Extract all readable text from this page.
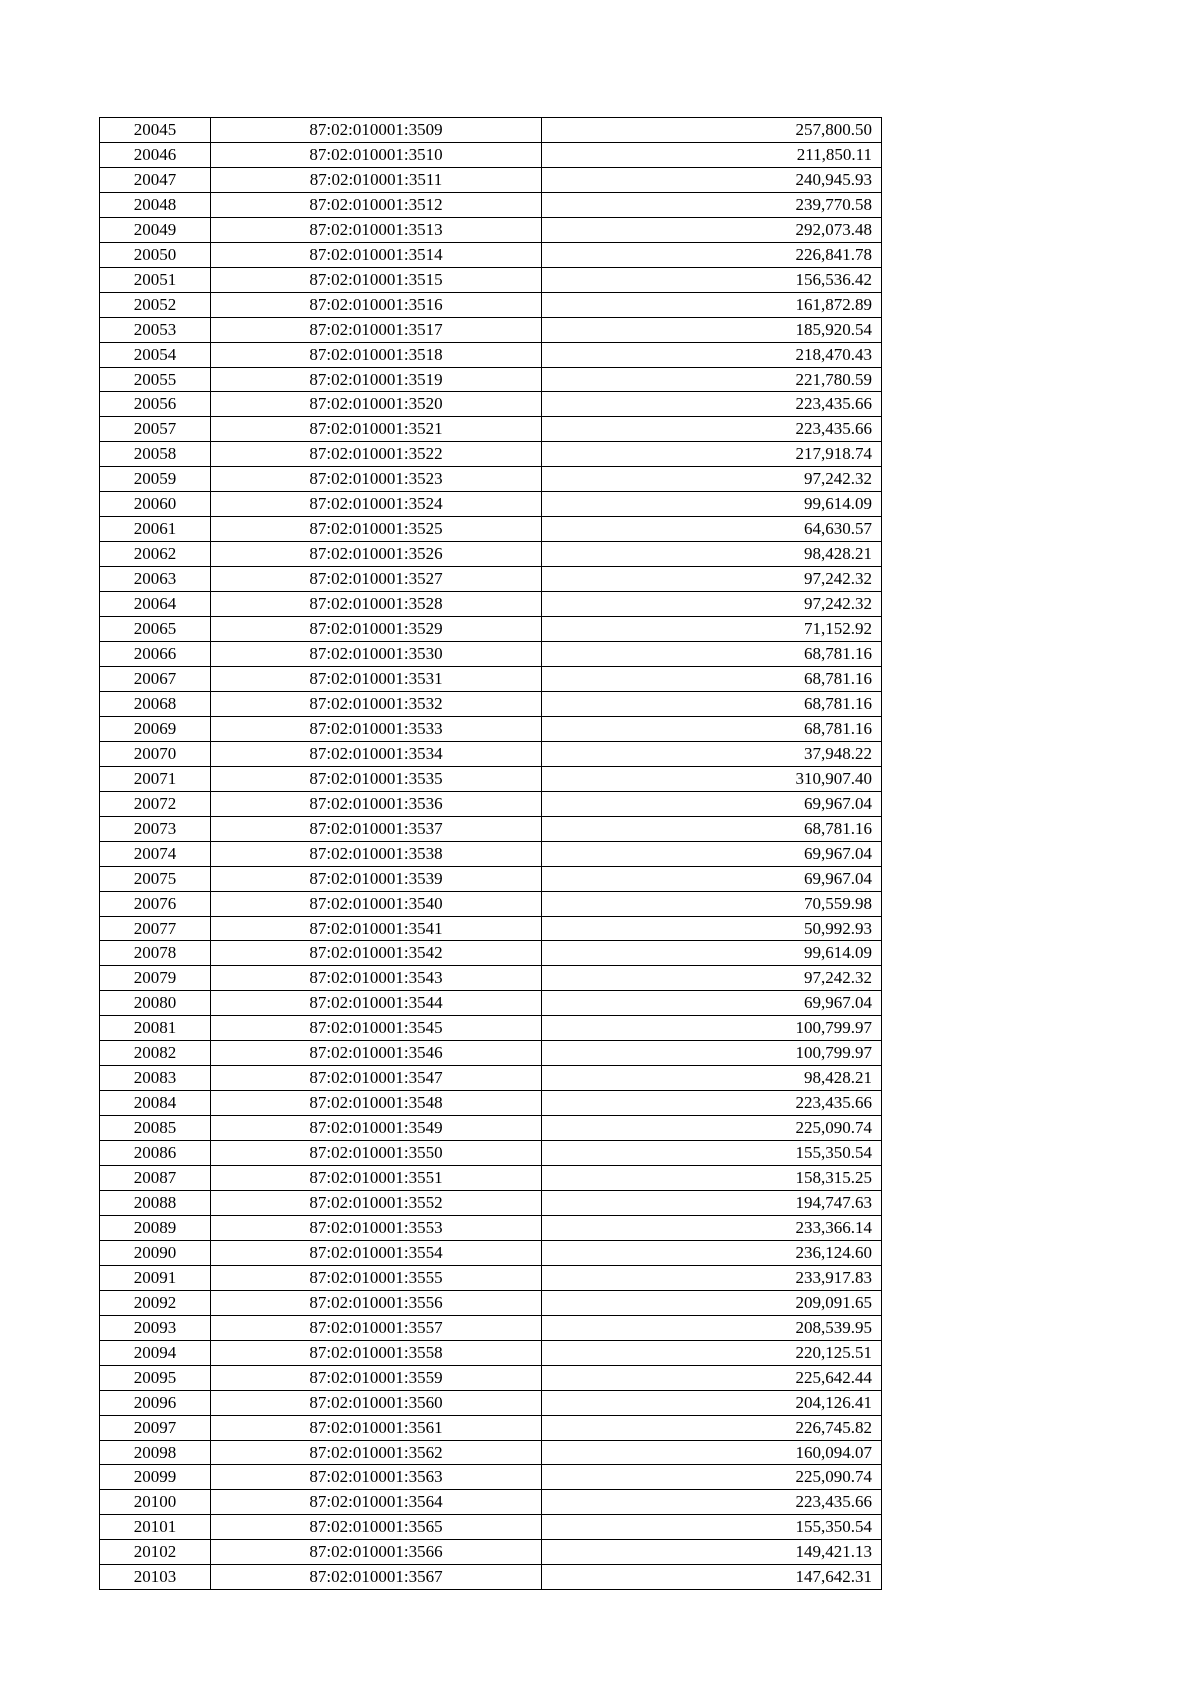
20045	87:02:010001:3509	257,800.50
20046	87:02:010001:3510	211,850.11
20047	87:02:010001:3511	240,945.93
20048	87:02:010001:3512	239,770.58
20049	87:02:010001:3513	292,073.48
20050	87:02:010001:3514	226,841.78
20051	87:02:010001:3515	156,536.42
20052	87:02:010001:3516	161,872.89
20053	87:02:010001:3517	185,920.54
20054	87:02:010001:3518	218,470.43
20055	87:02:010001:3519	221,780.59
20056	87:02:010001:3520	223,435.66
20057	87:02:010001:3521	223,435.66
20058	87:02:010001:3522	217,918.74
20059	87:02:010001:3523	97,242.32
20060	87:02:010001:3524	99,614.09
20061	87:02:010001:3525	64,630.57
20062	87:02:010001:3526	98,428.21
20063	87:02:010001:3527	97,242.32
20064	87:02:010001:3528	97,242.32
20065	87:02:010001:3529	71,152.92
20066	87:02:010001:3530	68,781.16
20067	87:02:010001:3531	68,781.16
20068	87:02:010001:3532	68,781.16
20069	87:02:010001:3533	68,781.16
20070	87:02:010001:3534	37,948.22
20071	87:02:010001:3535	310,907.40
20072	87:02:010001:3536	69,967.04
20073	87:02:010001:3537	68,781.16
20074	87:02:010001:3538	69,967.04
20075	87:02:010001:3539	69,967.04
20076	87:02:010001:3540	70,559.98
20077	87:02:010001:3541	50,992.93
20078	87:02:010001:3542	99,614.09
20079	87:02:010001:3543	97,242.32
20080	87:02:010001:3544	69,967.04
20081	87:02:010001:3545	100,799.97
20082	87:02:010001:3546	100,799.97
20083	87:02:010001:3547	98,428.21
20084	87:02:010001:3548	223,435.66
20085	87:02:010001:3549	225,090.74
20086	87:02:010001:3550	155,350.54
20087	87:02:010001:3551	158,315.25
20088	87:02:010001:3552	194,747.63
20089	87:02:010001:3553	233,366.14
20090	87:02:010001:3554	236,124.60
20091	87:02:010001:3555	233,917.83
20092	87:02:010001:3556	209,091.65
20093	87:02:010001:3557	208,539.95
20094	87:02:010001:3558	220,125.51
20095	87:02:010001:3559	225,642.44
20096	87:02:010001:3560	204,126.41
20097	87:02:010001:3561	226,745.82
20098	87:02:010001:3562	160,094.07
20099	87:02:010001:3563	225,090.74
20100	87:02:010001:3564	223,435.66
20101	87:02:010001:3565	155,350.54
20102	87:02:010001:3566	149,421.13
20103	87:02:010001:3567	147,642.31
